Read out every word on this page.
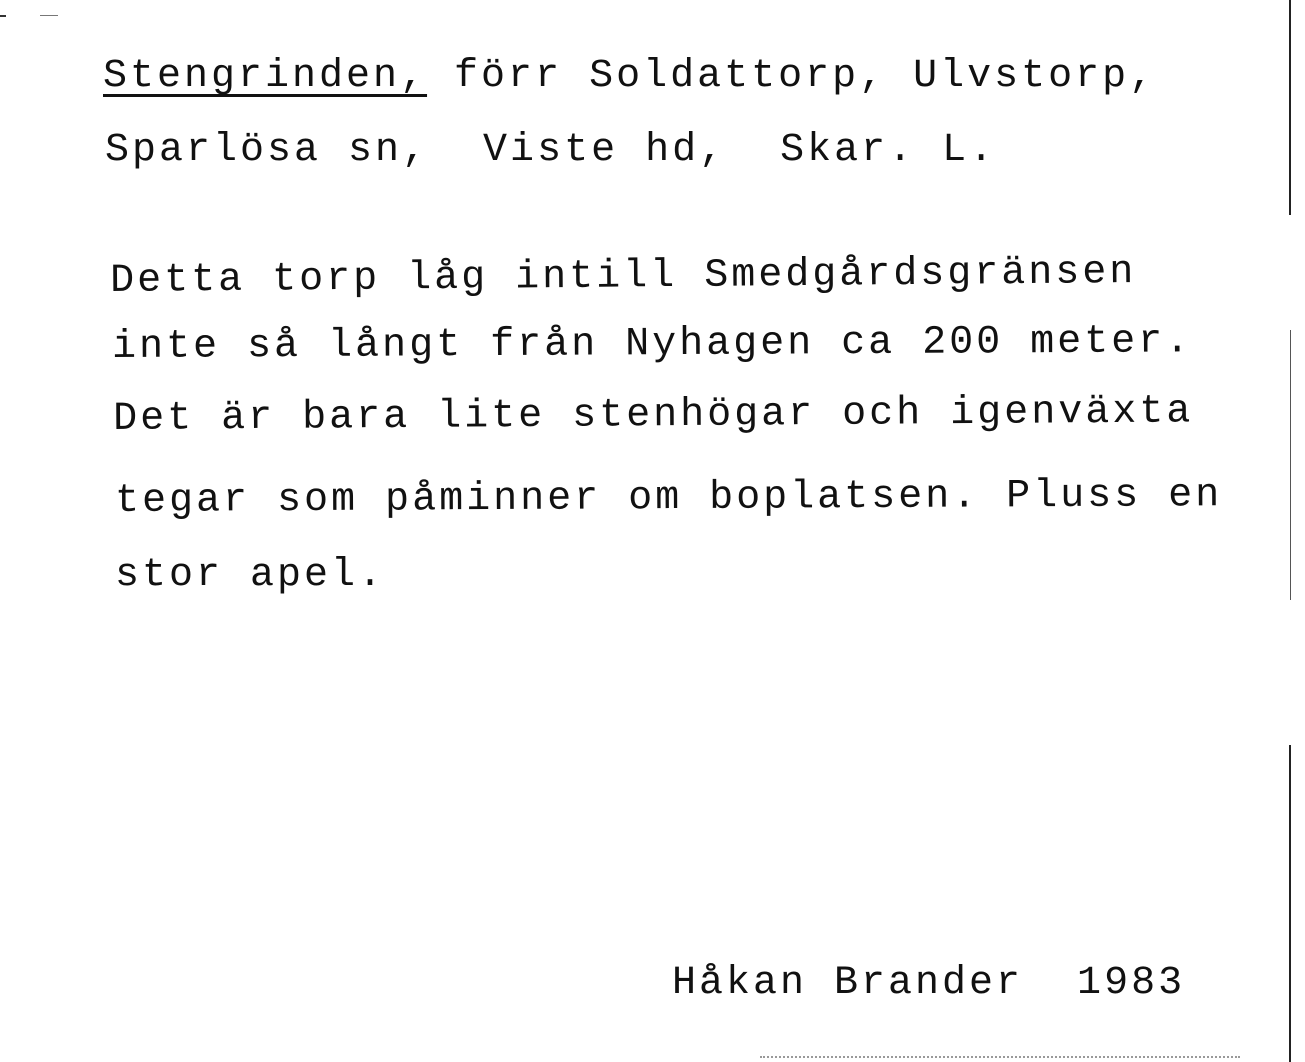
Stengrinden, förr Soldattorp, Ulvstorp,
Sparlösa sn,  Viste hd,  Skar. L.
Detta torp låg intill Smedgårdsgränsen
inte så långt från Nyhagen ca 200 meter.
Det är bara lite stenhögar och igenväxta
tegar som påminner om boplatsen. Pluss en
stor apel.
Håkan Brander  1983
